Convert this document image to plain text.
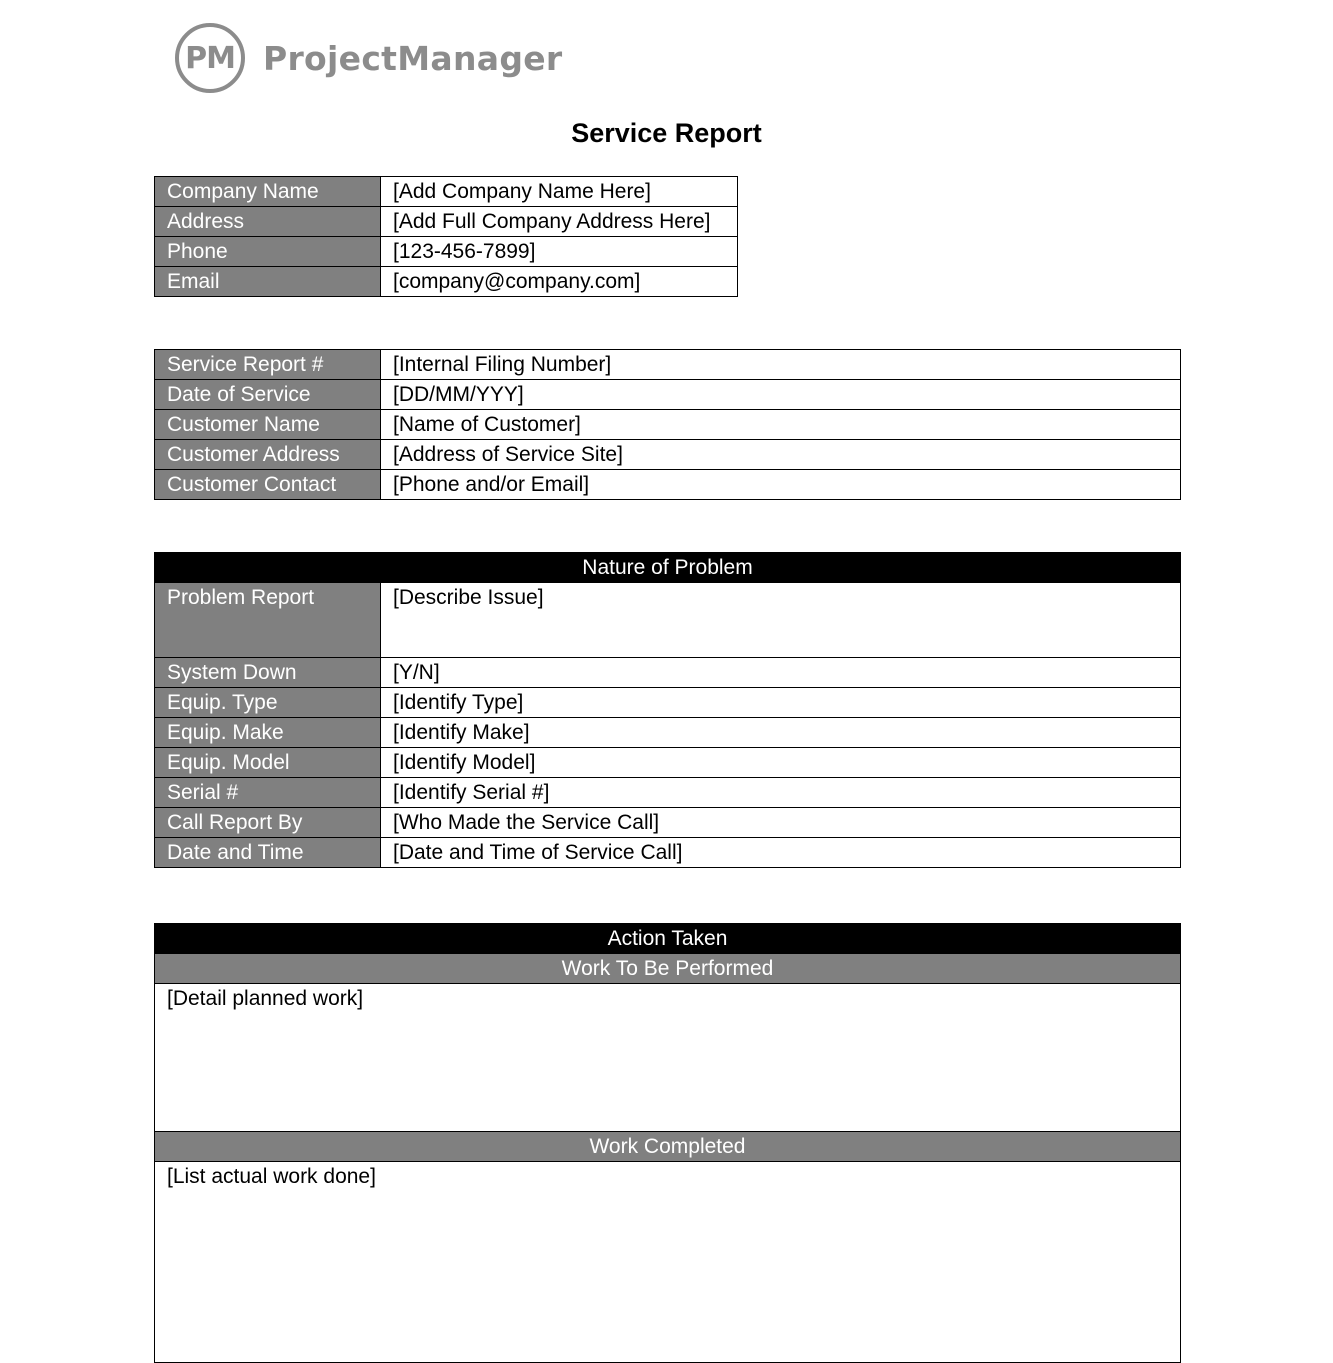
PM ProjectManager
Service Report
Company Name	[Add Company Name Here]
Address	[Add Full Company Address Here]
Phone	[123-456-7899]
Email	[company@company.com]
Service Report #	[Internal Filing Number]
Date of Service	[DD/MM/YYY]
Customer Name	[Name of Customer]
Customer Address	[Address of Service Site]
Customer Contact	[Phone and/or Email]
Nature of Problem	
Problem Report	[Describe Issue]
System Down	[Y/N]
Equip. Type	[Identify Type]
Equip. Make	[Identify Make]
Equip. Model	[Identify Model]
Serial #	[Identify Serial #]
Call Report By	[Who Made the Service Call]
Date and Time	[Date and Time of Service Call]
Action Taken
Work To Be Performed
[Detail planned work]
Work Completed
[List actual work done]
